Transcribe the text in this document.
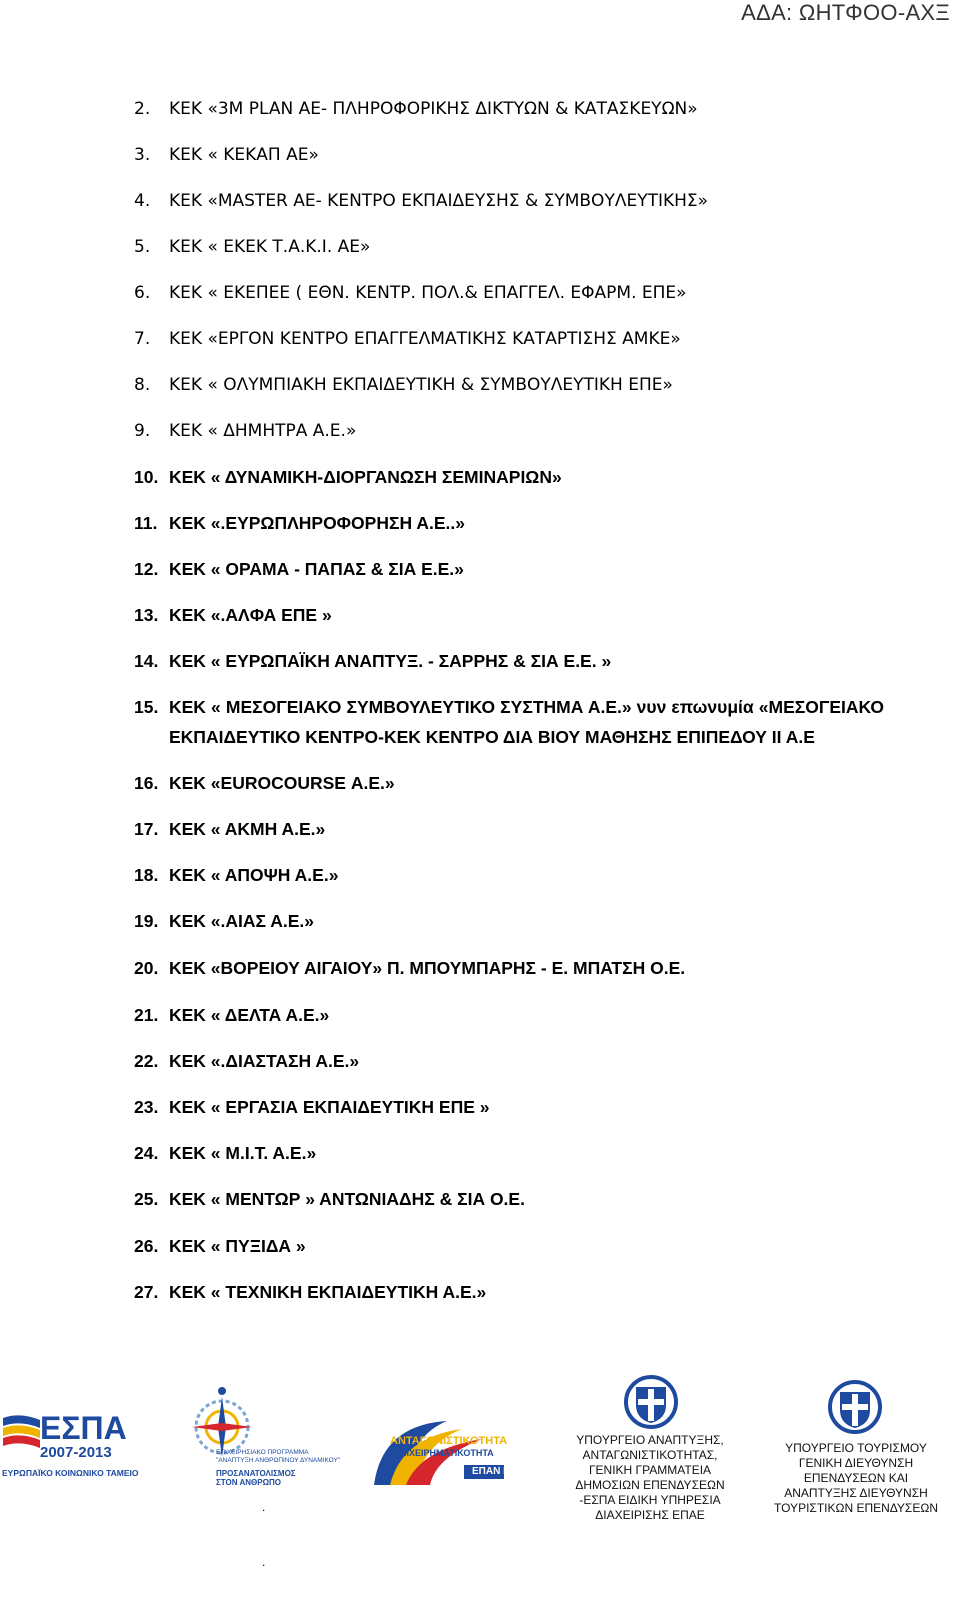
ΑΔΑ: ΩΗΤΦΟΟ-ΑΧΞ
2.	ΚΕΚ «3Μ PLAN ΑΕ- ΠΛΗΡΟΦΟΡΙΚΗΣ ΔΙΚΤΥΩΝ & ΚΑΤΑΣΚΕΥΩΝ»
3.	ΚΕΚ « ΚΕΚΑΠ ΑΕ»
4.	ΚΕΚ «MASTER ΑΕ- ΚΕΝΤΡΟ ΕΚΠΑΙΔΕΥΣΗΣ & ΣΥΜΒΟΥΛΕΥΤΙΚΗΣ»
5.	ΚΕΚ « ΕΚΕΚ Τ.Α.Κ.Ι. ΑΕ»
6.	ΚΕΚ « ΕΚΕΠΕΕ ( ΕΘΝ. ΚΕΝΤΡ. ΠΟΛ.& ΕΠΑΓΓΕΛ. ΕΦΑΡΜ. ΕΠΕ»
7.	ΚΕΚ «ΕΡΓΟΝ ΚΕΝΤΡΟ ΕΠΑΓΓΕΛΜΑΤΙΚΗΣ ΚΑΤΑΡΤΙΣΗΣ ΑΜΚΕ»
8.	ΚΕΚ « ΟΛΥΜΠΙΑΚΗ ΕΚΠΑΙΔΕΥΤΙΚΗ & ΣΥΜΒΟΥΛΕΥΤΙΚΗ ΕΠΕ»
9.	ΚΕΚ « ΔΗΜΗΤΡΑ Α.Ε.»
10. ΚΕΚ « ΔΥΝΑΜΙΚΗ-ΔΙΟΡΓΑΝΩΣΗ ΣΕΜΙΝΑΡΙΩΝ»
11. ΚΕΚ «.ΕΥΡΩΠΛΗΡΟΦΟΡΗΣΗ Α.Ε..»
12. ΚΕΚ « ΟΡΑΜΑ - ΠΑΠΑΣ & ΣΙΑ Ε.Ε.»
13. ΚΕΚ «.ΑΛΦΑ ΕΠΕ »
14. ΚΕΚ « ΕΥΡΩΠΑΪΚΗ ΑΝΑΠΤΥΞ. - ΣΑΡΡΗΣ & ΣΙΑ Ε.Ε. »
15. ΚΕΚ « ΜΕΣΟΓΕΙΑΚΟ ΣΥΜΒΟΥΛΕΥΤΙΚΟ ΣΥΣΤΗΜΑ Α.Ε.» νυν επωνυμία «ΜΕΣΟΓΕΙΑΚΟ ΕΚΠΑΙΔΕΥΤΙΚΟ ΚΕΝΤΡΟ-ΚΕΚ ΚΕΝΤΡΟ ΔΙΑ ΒΙΟΥ ΜΑΘΗΣΗΣ ΕΠΙΠΕΔΟΥ ΙΙ Α.Ε
16. ΚΕΚ «EUROCOURSE Α.Ε.»
17. ΚΕΚ « ΑΚΜΗ Α.Ε.»
18. ΚΕΚ « ΑΠΟΨΗ Α.Ε.»
19. ΚΕΚ «.ΑΙΑΣ Α.Ε.»
20. ΚΕΚ «ΒΟΡΕΙΟΥ ΑΙΓΑΙΟΥ» Π. ΜΠΟΥΜΠΑΡΗΣ - Ε. ΜΠΑΤΣΗ Ο.Ε.
21. ΚΕΚ « ΔΕΛΤΑ Α.Ε.»
22. ΚΕΚ «.ΔΙΑΣΤΑΣΗ Α.Ε.»
23. ΚΕΚ « ΕΡΓΑΣΙΑ ΕΚΠΑΙΔΕΥΤΙΚΗ ΕΠΕ »
24. ΚΕΚ « Μ.Ι.Τ. Α.Ε.»
25. ΚΕΚ « ΜΕΝΤΩΡ » ΑΝΤΩΝΙΑΔΗΣ & ΣΙΑ Ο.Ε.
26. ΚΕΚ « ΠΥΞΙΔΑ »
27. ΚΕΚ « ΤΕΧΝΙΚΗ ΕΚΠΑΙΔΕΥΤΙΚΗ Α.Ε.»
ΕΣΠΑ
2007-2013
ΕΥΡΩΠΑΪΚΟ ΚΟΙΝΩΝΙΚΟ ΤΑΜΕΙΟ
ΕΠΙΧΕΙΡΗΣΙΑΚΟ ΠΡΟΓΡΑΜΜΑ
"ΑΝΑΠΤΥΞΗ ΑΝΘΡΩΠΙΝΟΥ ΔΥΝΑΜΙΚΟΥ"
ΠΡΟΣΑΝΑΤΟΛΙΣΜΟΣ
ΣΤΟΝ ΑΝΘΡΩΠΟ
ΑΝΤΑΓΩΝΙΣΤΙΚΟΤΗΤΑ
ΕΠΙΧΕΙΡΗΜΑΤΙΚΟΤΗΤΑ
ΕΠΑΝ ΙΙ
ΥΠΟΥΡΓΕΙΟ ΑΝΑΠΤΥΞΗΣ, ΑΝΤΑΓΩΝΙΣΤΙΚΟΤΗΤΑΣ, ΓΕΝΙΚΗ ΓΡΑΜΜΑΤΕΙΑ ΔΗΜΟΣΙΩΝ ΕΠΕΝΔΥΣΕΩΝ -ΕΣΠΑ ΕΙΔΙΚΗ ΥΠΗΡΕΣΙΑ ΔΙΑΧΕΙΡΙΣΗΣ ΕΠΑΕ
ΥΠΟΥΡΓΕΙΟ ΤΟΥΡΙΣΜΟΥ ΓΕΝΙΚΗ ΔΙΕΥΘΥΝΣΗ ΕΠΕΝΔΥΣΕΩΝ ΚΑΙ ΑΝΑΠΤΥΞΗΣ ΔΙΕΥΘΥΝΣΗ ΤΟΥΡΙΣΤΙΚΩΝ ΕΠΕΝΔΥΣΕΩΝ
.
.
